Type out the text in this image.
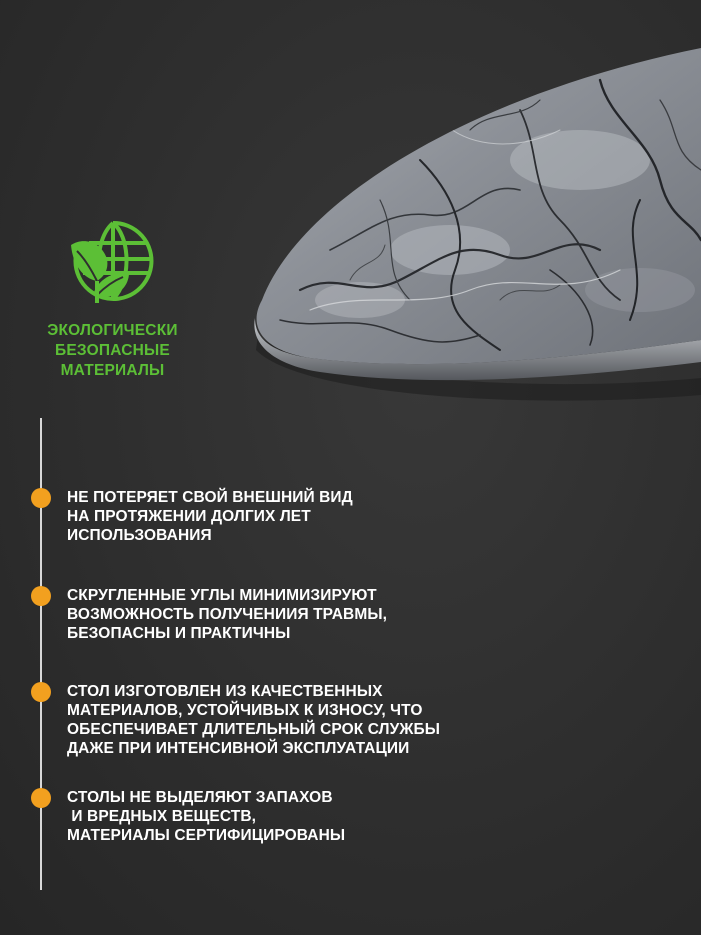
ЭКОЛОГИЧЕСКИ
БЕЗОПАСНЫЕ
МАТЕРИАЛЫ
НЕ ПОТЕРЯЕТ СВОЙ ВНЕШНИЙ ВИД
НА ПРОТЯЖЕНИИ ДОЛГИХ ЛЕТ
ИСПОЛЬЗОВАНИЯ
СКРУГЛЕННЫЕ УГЛЫ МИНИМИЗИРУЮТ
ВОЗМОЖНОСТЬ ПОЛУЧЕНИИЯ ТРАВМЫ,
БЕЗОПАСНЫ И ПРАКТИЧНЫ
СТОЛ ИЗГОТОВЛЕН ИЗ КАЧЕСТВЕННЫХ
МАТЕРИАЛОВ, УСТОЙЧИВЫХ К ИЗНОСУ, ЧТО
ОБЕСПЕЧИВАЕТ ДЛИТЕЛЬНЫЙ СРОК СЛУЖБЫ
ДАЖЕ ПРИ ИНТЕНСИВНОЙ ЭКСПЛУАТАЦИИ
СТОЛЫ НЕ ВЫДЕЛЯЮТ ЗАПАХОВ
И ВРЕДНЫХ ВЕЩЕСТВ,
МАТЕРИАЛЫ СЕРТИФИЦИРОВАНЫ
